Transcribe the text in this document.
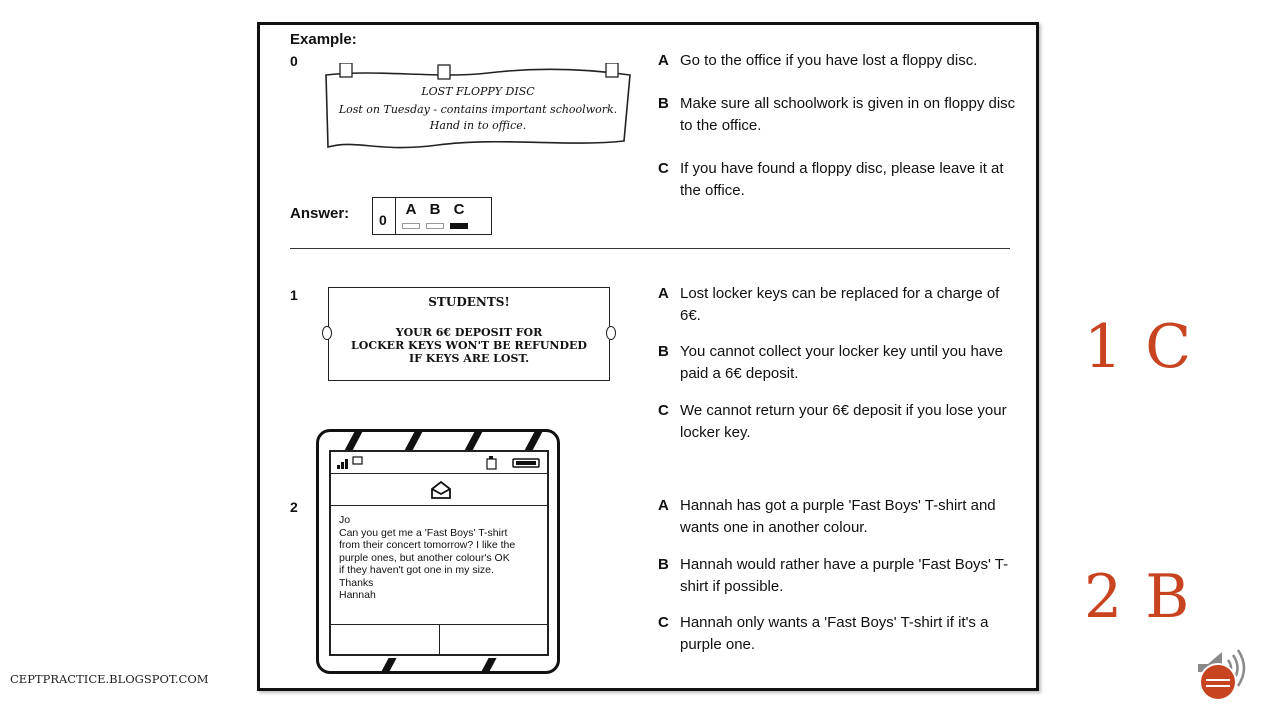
Example:
0
LOST FLOPPY DISC
Lost on Tuesday - contains important schoolwork.
Hand in to office.
A Go to the office if you have lost a floppy disc.
B Make sure all schoolwork is given in on floppy disc to the office.
C If you have found a floppy disc, please leave it at the office.
Answer: 0
A B C
1	STUDENTS!
YOUR 6€ DEPOSIT FOR
LOCKER KEYS WON'T BE REFUNDED
IF KEYS ARE LOST.
A Lost locker keys can be replaced for a charge of 6€.
B You cannot collect your locker key until you have paid a 6€ deposit.
C We cannot return your 6€ deposit if you lose your locker key.
2
Jo
Can you get me a 'Fast Boys' T-shirt
from their concert tomorrow? I like the
purple ones, but another colour's OK
if they haven't got one in my size.
Thanks
Hannah
A Hannah has got a purple 'Fast Boys' T-shirt and wants one in another colour.
B Hannah would rather have a purple 'Fast Boys' T-shirt if possible.
C Hannah only wants a 'Fast Boys' T-shirt if it's a purple one.
1 C
2 B
CEPTPRACTICE.BLOGSPOT.COM
